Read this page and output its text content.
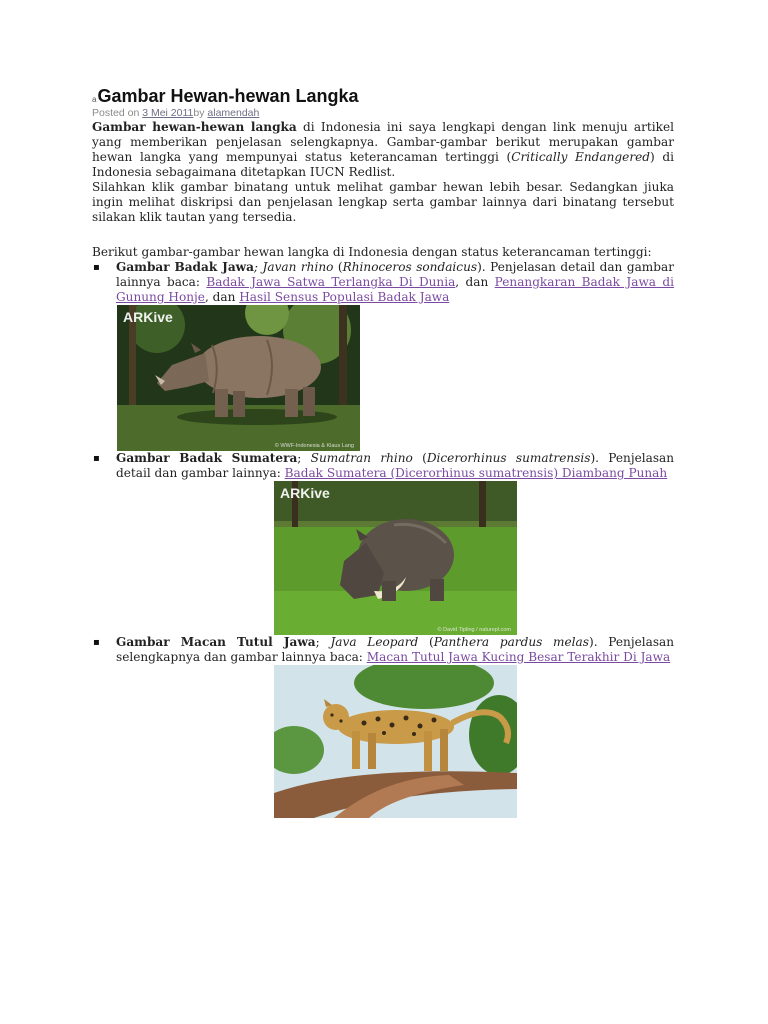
aGambar Hewan-hewan Langka
Posted on 3 Mei 2011by alamendah

Gambar hewan-hewan langka di Indonesia ini saya lengkapi dengan link menuju artikel yang memberikan penjelasan selengkapnya. Gambar-gambar berikut merupakan gambar hewan langka yang mempunyai status keterancaman tertinggi (Critically Endangered) di Indonesia sebagaimana ditetapkan IUCN Redlist.

Silahkan klik gambar binatang untuk melihat gambar hewan lebih besar. Sedangkan jiuka ingin melihat diskripsi dan penjelasan lengkap serta gambar lainnya dari binatang tersebut silakan klik tautan yang tersedia.

Berikut gambar-gambar hewan langka di Indonesia dengan status keterancaman tertinggi:

▪ Gambar Badak Jawa; Javan rhino (Rhinoceros sondaicus). Penjelasan detail dan gambar lainnya baca: Badak Jawa Satwa Terlangka Di Dunia, dan Penangkaran Badak Jawa di Gunung Honje, dan Hasil Sensus Populasi Badak Jawa
ARKive
© WWF-Indonesia & Klaus Lang
▪ Gambar Badak Sumatera; Sumatran rhino (Dicerorhinus sumatrensis). Penjelasan detail dan gambar lainnya: Badak Sumatera (Dicerorhinus sumatrensis) Diambang Punah
ARKive
© David Tipling / naturepl.com
▪ Gambar Macan Tutul Jawa; Java Leopard (Panthera pardus melas). Penjelasan selengkapnya dan gambar lainnya baca: Macan Tutul Jawa Kucing Besar Terakhir Di Jawa
